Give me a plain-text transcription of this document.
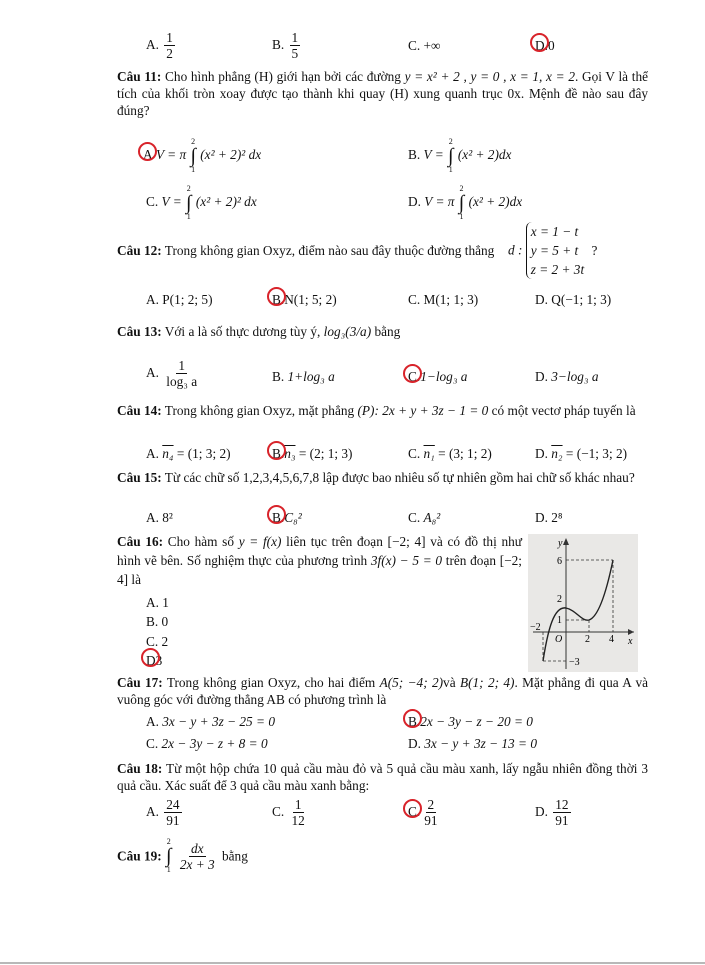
A. $\frac{1}{2}$	B. $\frac{1}{5}$	C. +∞	D.0
Câu 11: Cho hình phẳng (H) giới hạn bởi các đường y = x² + 2 , y = 0 , x = 1, x = 2. Gọi V là thể tích của khối tròn xoay được tạo thành khi quay (H) xung quanh trục 0x. Mệnh đề nào sau đây đúng?
A V = π
2
∫
1
(x² + 2)² dx	B. V =
2
∫
1
(x² + 2)dx
C. V =
2
∫
1
(x² + 2)² dx	D. V = π
2
∫
1
(x² + 2)dx
Câu 12: Trong không gian Oxyz, điểm nào sau đây thuộc đường thẳng d :
x = 1 − t
y = 5 + t
z = 2 + 3t
?
A. P(1; 2; 5)	B.N(1; 5; 2)	C. M(1; 1; 3)	D. Q(−1; 1; 3)
Câu 13: Với a là số thực dương tùy ý, log₃(3/a) bằng
A. $\frac{1}{\text{log₃ a}}$	B. 1+log₃ a	C.1−log₃ a	D. 3−log₃ a
Câu 14: Trong không gian Oxyz, mặt phẳng (P): 2x + y + 3z − 1 = 0 có một vectơ pháp tuyến là
A. n₄ = (1; 3; 2)	B.n₃ = (2; 1; 3)	C. n₁ = (3; 1; 2)	D. n₂ = (−1; 3; 2)
Câu 15: Từ các chữ số 1,2,3,4,5,6,7,8 lập được bao nhiêu số tự nhiên gồm hai chữ số khác nhau?
A. 8²	B.C₈²	C. A₈²	D. 2⁸
Câu 16: Cho hàm số y = f(x) liên tục trên đoạn [−2; 4] và có đồ thị như hình vẽ bên. Số nghiệm thực của phương trình 3f(x) − 5 = 0 trên đoạn [−2; 4] là
A. 1
B. 0
C. 2
D3
y
x
O
−2
2 4
6
2
1
−3
Câu 17: Trong không gian Oxyz, cho hai điểm A(5; −4; 2)và B(1; 2; 4). Mặt phẳng đi qua A và vuông góc với đường thẳng AB có phương trình là
A. 3x − y + 3z − 25 = 0	B.2x − 3y − z − 20 = 0
C. 2x − 3y − z + 8 = 0	D. 3x − y + 3z − 13 = 0
Câu 18: Từ một hộp chứa 10 quả cầu màu đỏ và 5 quả cầu màu xanh, lấy ngẫu nhiên đồng thời 3 quả cầu. Xác suất để 3 quả cầu màu xanh bằng:
A. $\frac{24}{91}$	C. $\frac{1}{12}$	C. $\frac{2}{91}$	D. $\frac{12}{91}$
Câu 19:
2
∫
1
$\frac{dx}{2x + 3}$ bằng
